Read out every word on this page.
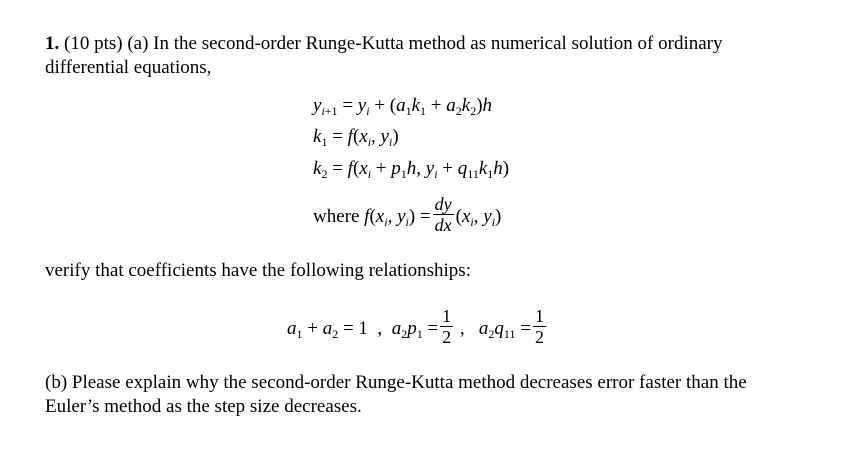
1. (10 pts) (a) In the second-order Runge-Kutta method as numerical solution of ordinary
differential equations,
$y_{i+1} = y_i + (a_1k_1 + a_2k_2)h$
$k_1 = f(x_i$, $y_i$)
$k_2 = f(x_i + p_1h$, $y_i + q_{11}k_1h$)
where $f(x_i$, $y_i) = \frac{dy}{dx} (x_i$, $y_i$)
verify that coefficients have the following relationships:
$a_1 + a_2 = 1$  ,  $a_2p_1 = \frac{1}{2}$ ,   $a_2q_{11} = \frac{1}{2}$
(b) Please explain why the second-order Runge-Kutta method decreases error faster than the
Euler’s method as the step size decreases.
